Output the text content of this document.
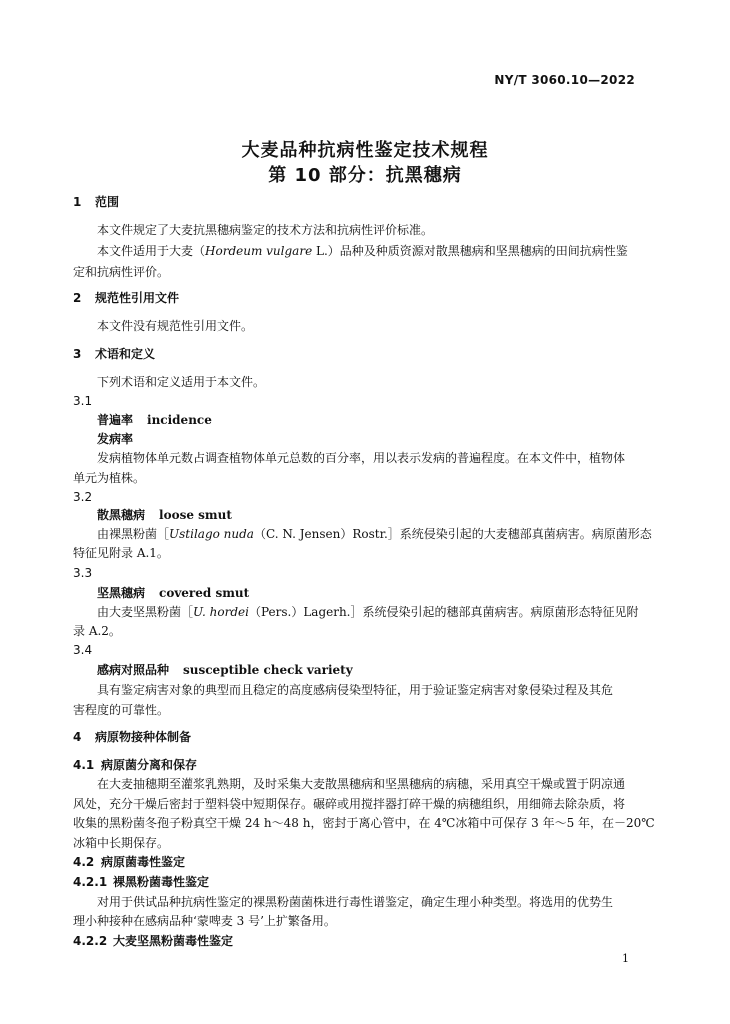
NY/T 3060.10—2022
大麦品种抗病性鉴定技术规程
第 10 部分：抗黑穗病
1 范围
本文件规定了大麦抗黑穗病鉴定的技术方法和抗病性评价标准。
本文件适用于大麦（Hordeum vulgare L.）品种及种质资源对散黑穗病和坚黑穗病的田间抗病性鉴
定和抗病性评价。
2 规范性引用文件
本文件没有规范性引用文件。
3 术语和定义
下列术语和定义适用于本文件。
3.1
普遍率 incidence
发病率
发病植物体单元数占调查植物体单元总数的百分率，用以表示发病的普遍程度。在本文件中，植物体
单元为植株。
3.2
散黑穗病 loose smut
由裸黑粉菌［Ustilago nuda（C. N. Jensen）Rostr.］系统侵染引起的大麦穗部真菌病害。病原菌形态
特征见附录 A.1。
3.3
坚黑穗病 covered smut
由大麦坚黑粉菌［U. hordei（Pers.）Lagerh.］系统侵染引起的穗部真菌病害。病原菌形态特征见附
录 A.2。
3.4
感病对照品种 susceptible check variety
具有鉴定病害对象的典型而且稳定的高度感病侵染型特征，用于验证鉴定病害对象侵染过程及其危
害程度的可靠性。
4 病原物接种体制备
4.1 病原菌分离和保存
在大麦抽穗期至灌浆乳熟期，及时采集大麦散黑穗病和坚黑穗病的病穗，采用真空干燥或置于阴凉通
风处，充分干燥后密封于塑料袋中短期保存。碾碎或用搅拌器打碎干燥的病穗组织，用细筛去除杂质，将
收集的黑粉菌冬孢子粉真空干燥 24 h～48 h，密封于离心管中，在 4℃冰箱中可保存 3 年～5 年，在－20℃
冰箱中长期保存。
4.2 病原菌毒性鉴定
4.2.1 裸黑粉菌毒性鉴定
对用于供试品种抗病性鉴定的裸黑粉菌菌株进行毒性谱鉴定，确定生理小种类型。将选用的优势生
理小种接种在感病品种‘蒙啤麦 3 号’上扩繁备用。
4.2.2 大麦坚黑粉菌毒性鉴定
1
